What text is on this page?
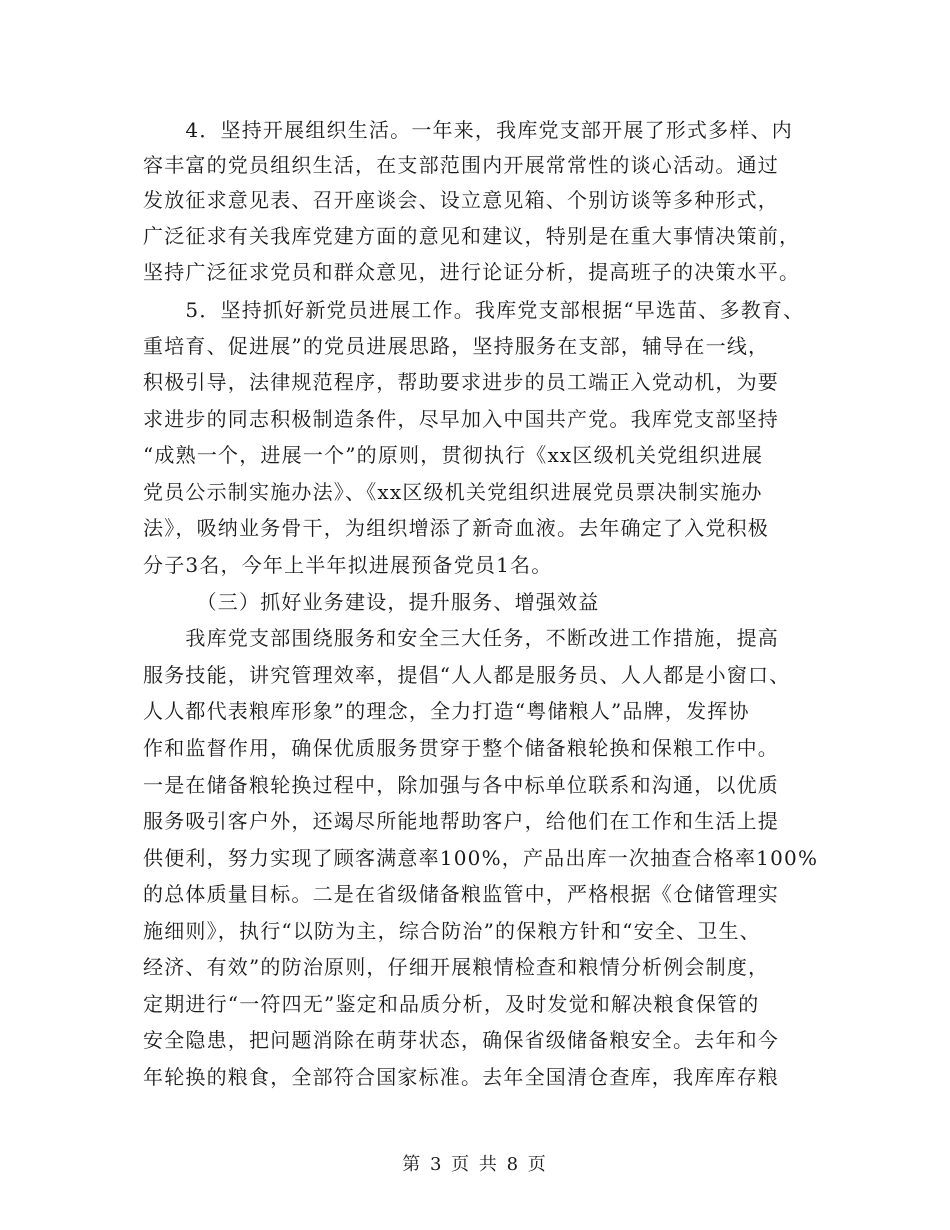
　　4．坚持开展组织生活。一年来，我库党支部开展了形式多样、内
容丰富的党员组织生活，在支部范围内开展常常性的谈心活动。通过
发放征求意见表、召开座谈会、设立意见箱、个别访谈等多种形式，
广泛征求有关我库党建方面的意见和建议，特别是在重大事情决策前，
坚持广泛征求党员和群众意见，进行论证分析，提高班子的决策水平。
　　5．坚持抓好新党员进展工作。我库党支部根据“早选苗、多教育、
重培育、促进展”的党员进展思路，坚持服务在支部，辅导在一线，
积极引导，法律规范程序，帮助要求进步的员工端正入党动机，为要
求进步的同志积极制造条件，尽早加入中国共产党。我库党支部坚持
“成熟一个，进展一个”的原则，贯彻执行《xx区级机关党组织进展
党员公示制实施办法》、《xx区级机关党组织进展党员票决制实施办
法》，吸纳业务骨干，为组织增添了新奇血液。去年确定了入党积极
分子3名，今年上半年拟进展预备党员1名。
　　　（三）抓好业务建设，提升服务、增强效益
　　我库党支部围绕服务和安全三大任务，不断改进工作措施，提高
服务技能，讲究管理效率，提倡“人人都是服务员、人人都是小窗口、
人人都代表粮库形象”的理念，全力打造“粤储粮人”品牌，发挥协
作和监督作用，确保优质服务贯穿于整个储备粮轮换和保粮工作中。
一是在储备粮轮换过程中，除加强与各中标单位联系和沟通，以优质
服务吸引客户外，还竭尽所能地帮助客户，给他们在工作和生活上提
供便利，努力实现了顾客满意率100%，产品出库一次抽查合格率100%
的总体质量目标。二是在省级储备粮监管中，严格根据《仓储管理实
施细则》，执行“以防为主，综合防治”的保粮方针和“安全、卫生、
经济、有效”的防治原则，仔细开展粮情检查和粮情分析例会制度，
定期进行“一符四无”鉴定和品质分析，及时发觉和解决粮食保管的
安全隐患，把问题消除在萌芽状态，确保省级储备粮安全。去年和今
年轮换的粮食，全部符合国家标准。去年全国清仓查库，我库库存粮
第 3 页 共 8 页
